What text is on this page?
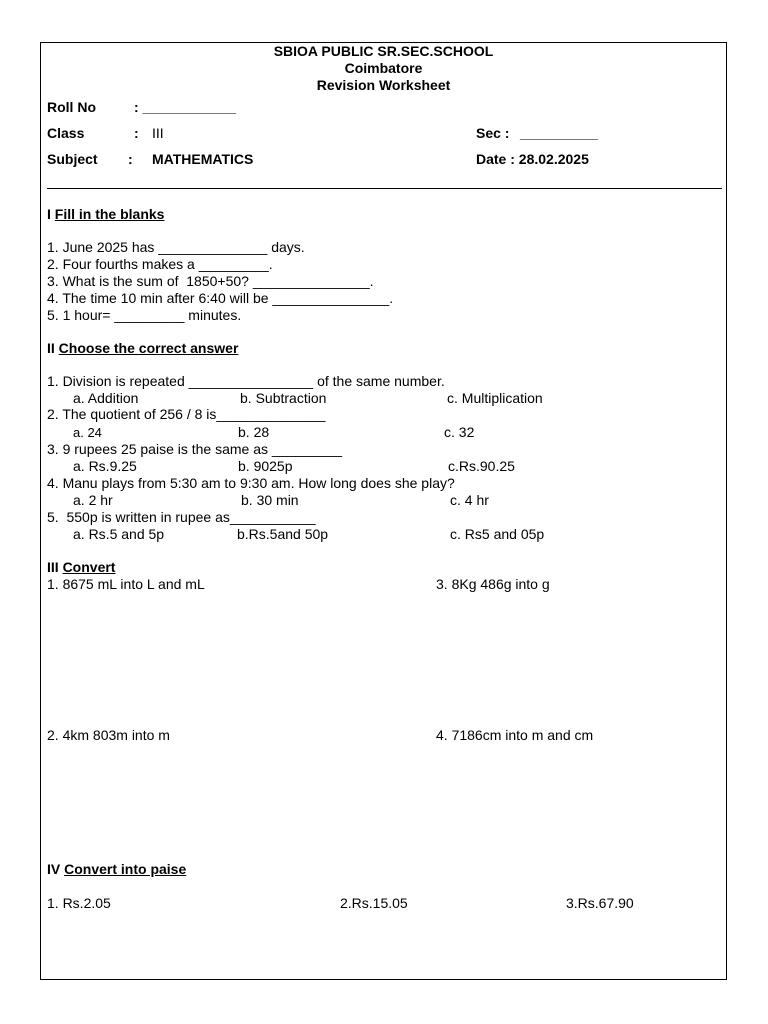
SBIOA PUBLIC SR.SEC.SCHOOL
Coimbatore
Revision Worksheet
Roll No	: ____________
Class	: III	Sec : __________
Subject : MATHEMATICS	Date : 28.02.2025
I Fill in the blanks
1. June 2025 has ______________ days.
2. Four fourths makes a _________.
3. What is the sum of  1850+50? _______________.
4. The time 10 min after 6:40 will be _______________.
5. 1 hour= _________ minutes.
II Choose the correct answer
1. Division is repeated ________________ of the same number.
a. Addition	b. Subtraction	c. Multiplication
2. The quotient of 256 / 8 is______________
a. 24	b. 28	c. 32
3. 9 rupees 25 paise is the same as _________
a. Rs.9.25	b. 9025p	c.Rs.90.25
4. Manu plays from 5:30 am to 9:30 am. How long does she play?
a. 2 hr	b. 30 min	c. 4 hr
5.  550p is written in rupee as___________
a. Rs.5 and 5p	b.Rs.5and 50p	c. Rs5 and 05p
III Convert
1. 8675 mL into L and mL	3. 8Kg 486g into g
2. 4km 803m into m	4. 7186cm into m and cm
IV Convert into paise
1. Rs.2.05	2.Rs.15.05	3.Rs.67.90
